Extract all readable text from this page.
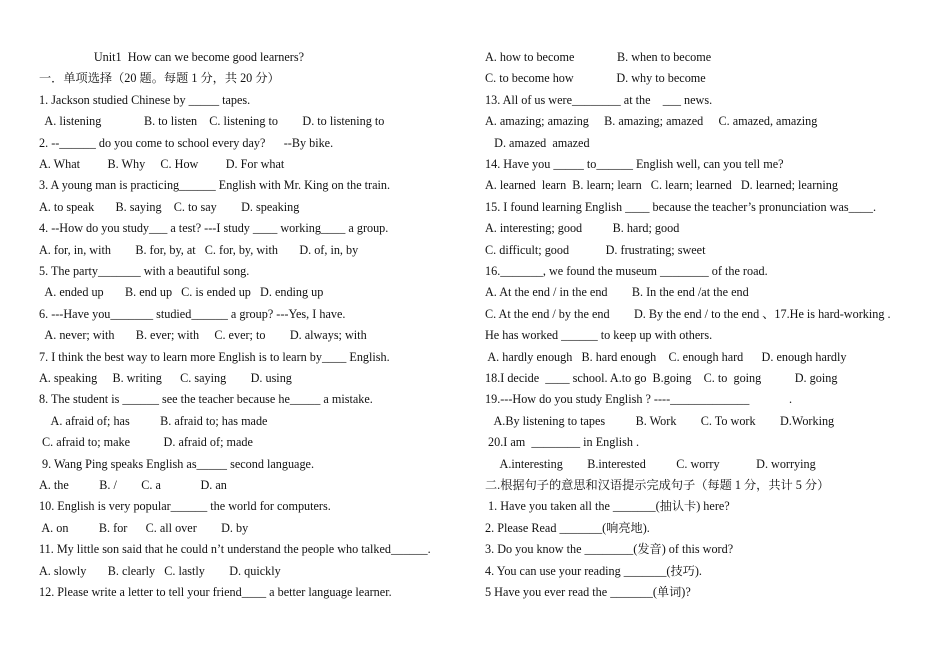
Unit1  How can we become good learners?
一．单项选择（20 题。每题 1 分，共 20 分）
1. Jackson studied Chinese by _____ tapes.
A. listening              B. to listen    C. listening to        D. to listening to
2. --______ do you come to school every day?      --By bike.
A. What         B. Why     C. How         D. For what
3. A young man is practicing______ English with Mr. King on the train.
A. to speak       B. saying    C. to say        D. speaking
4. --How do you study___ a test? ---I study ____ working____ a group.
A. for, in, with        B. for, by, at   C. for, by, with       D. of, in, by
5. The party_______ with a beautiful song.
A. ended up       B. end up   C. is ended up   D. ending up
6. ---Have you_______ studied______ a group? ---Yes, I have.
A. never; with       B. ever; with     C. ever; to        D. always; with
7. I think the best way to learn more English is to learn by____ English.
A. speaking     B. writing      C. saying        D. using
8. The student is ______ see the teacher because he_____ a mistake.
A. afraid of; has          B. afraid to; has made
C. afraid to; make           D. afraid of; made
9. Wang Ping speaks English as_____ second language.
A. the          B. /        C. a             D. an
10. English is very popular______ the world for computers.
A. on          B. for      C. all over        D. by
11. My little son said that he could n’t understand the people who talked______.
A. slowly       B. clearly   C. lastly        D. quickly
12. Please write a letter to tell your friend____ a better language learner.
A. how to become              B. when to become
C. to become how              D. why to become
13. All of us were________ at the    ___ news.
A. amazing; amazing     B. amazing; amazed     C. amazed, amazing
D. amazed  amazed
14. Have you _____ to______ English well, can you tell me?
A. learned  learn  B. learn; learn   C. learn; learned   D. learned; learning
15. I found learning English ____ because the teacher’s pronunciation was____.
A. interesting; good          B. hard; good
C. difficult; good            D. frustrating; sweet
16._______, we found the museum ________ of the road.
A. At the end / in the end        B. In the end /at the end
C. At the end / by the end        D. By the end / to the end 、17.He is hard-working .
He has worked ______ to keep up with others.
A. hardly enough   B. hard enough    C. enough hard      D. enough hardly
18.I decide  ____ school. A.to go  B.going    C. to  going           D. going
19.---How do you study English ? ----_____________             .
A.By listening to tapes          B. Work        C. To work        D.Working
20.I am  ________ in English .
A.interesting        B.interested          C. worry            D. worrying
二.根据句子的意思和汉语提示完成句子（每题 1 分，共计 5 分）
1. Have you taken all the _______(抽认卡) here?
2. Please Read _______(响亮地).
3. Do you know the ________(发音) of this word?
4. You can use your reading _______(技巧).
5 Have you ever read the _______(单词)?
